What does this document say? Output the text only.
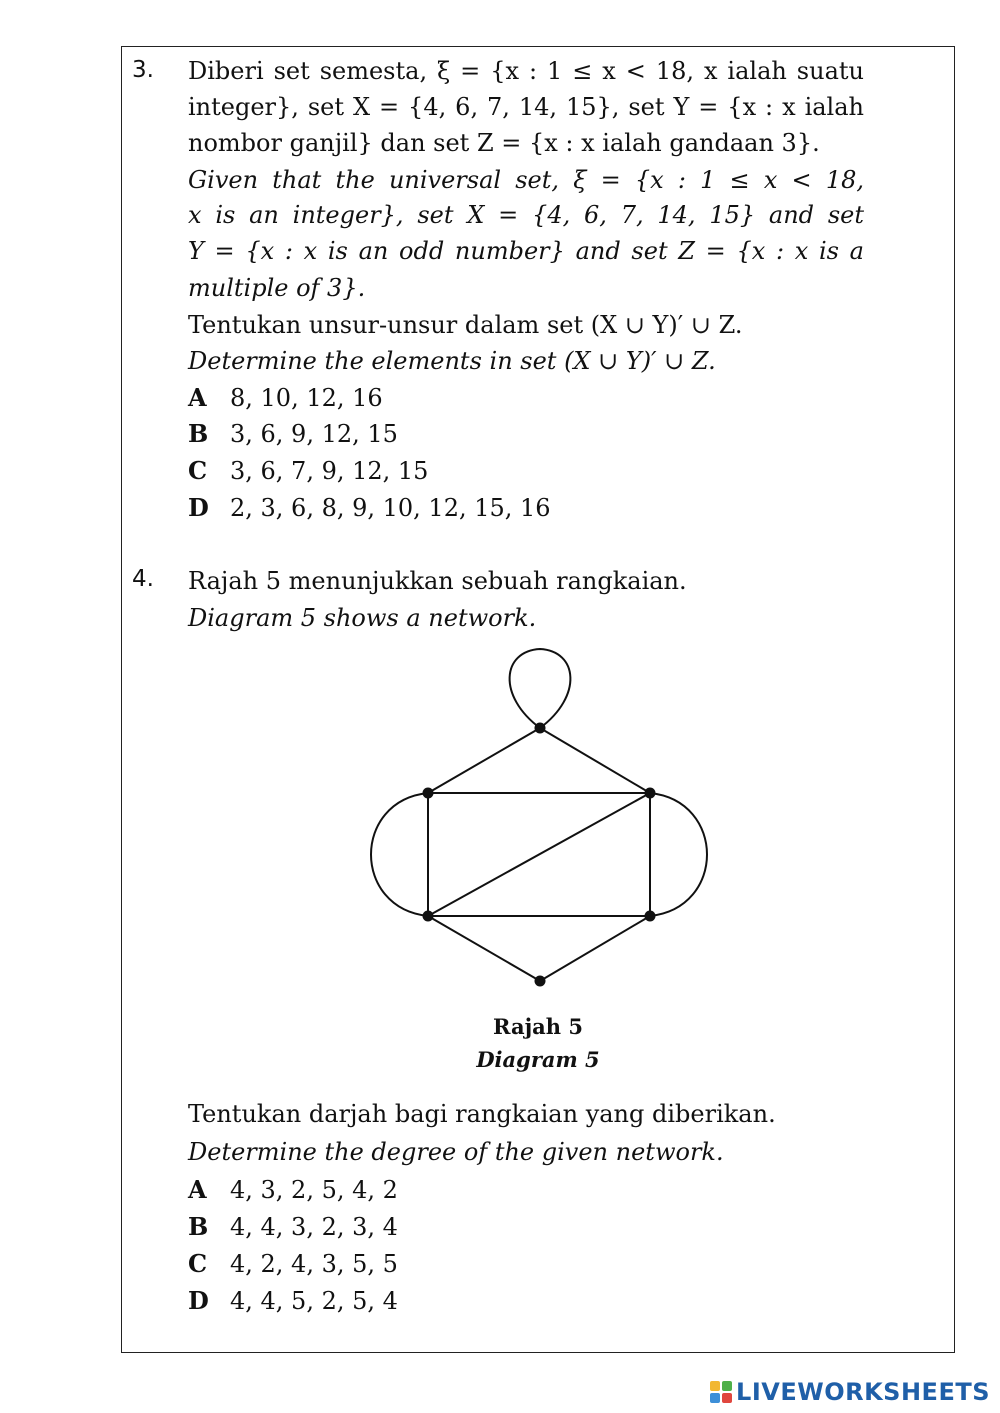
3. Diberi set semesta, ξ = {x : 1 ≤ x < 18, x ialah suatu
integer}, set X = {4, 6, 7, 14, 15}, set Y = {x : x ialah
nombor ganjil} dan set Z = {x : x ialah gandaan 3}.
Given that the universal set, ξ = {x : 1 ≤ x < 18,
x is an integer}, set X = {4, 6, 7, 14, 15} and set
Y = {x : x is an odd number} and set Z = {x : x is a
multiple of 3}.
Tentukan unsur-unsur dalam set (X ∪ Y)′ ∪ Z.
Determine the elements in set (X ∪ Y)′ ∪ Z.
A 8, 10, 12, 16
B 3, 6, 9, 12, 15
C 3, 6, 7, 9, 12, 15
D 2, 3, 6, 8, 9, 10, 12, 15, 16
4. Rajah 5 menunjukkan sebuah rangkaian.
Diagram 5 shows a network.
Rajah 5
Diagram 5
Tentukan darjah bagi rangkaian yang diberikan.
Determine the degree of the given network.
A 4, 3, 2, 5, 4, 2
B 4, 4, 3, 2, 3, 4
C 4, 2, 4, 3, 5, 5
D 4, 4, 5, 2, 5, 4
LIVEWORKSHEETS
